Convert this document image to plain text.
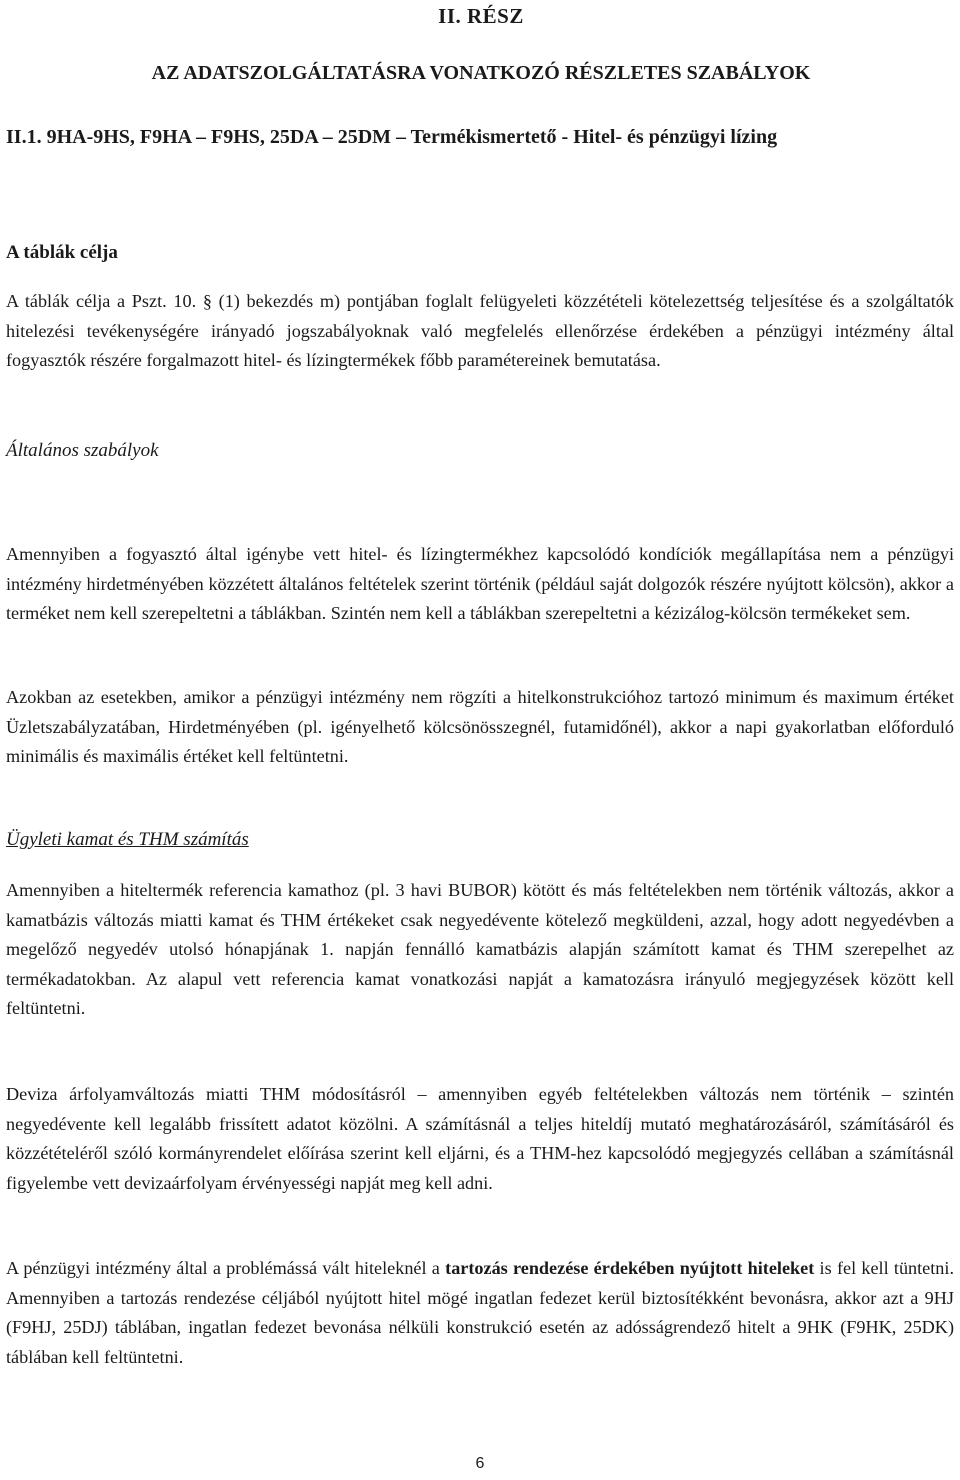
II. RÉSZ
AZ ADATSZOLGÁLTATÁSRA VONATKOZÓ RÉSZLETES SZABÁLYOK
II.1. 9HA-9HS, F9HA – F9HS, 25DA – 25DM – Termékismertető - Hitel- és pénzügyi lízing
A táblák célja

A táblák célja a Pszt. 10. § (1) bekezdés m) pontjában foglalt felügyeleti közzétételi kötelezettség teljesítése és a szolgáltatók hitelezési tevékenységére irányadó jogszabályoknak való megfelelés ellenőrzése érdekében a pénzügyi intézmény által fogyasztók részére forgalmazott hitel- és lízingtermékek főbb paramétereinek bemutatása.

Általános szabályok

Amennyiben a fogyasztó által igénybe vett hitel- és lízingtermékhez kapcsolódó kondíciók megállapítása nem a pénzügyi intézmény hirdetményében közzétett általános feltételek szerint történik (például saját dolgozók részére nyújtott kölcsön), akkor a terméket nem kell szerepeltetni a táblákban. Szintén nem kell a táblákban szerepeltetni a kézizálog-kölcsön termékeket sem.

Azokban az esetekben, amikor a pénzügyi intézmény nem rögzíti a hitelkonstrukcióhoz tartozó minimum és maximum értéket Üzletszabályzatában, Hirdetményében (pl. igényelhető kölcsönösszegnél, futamidőnél), akkor a napi gyakorlatban előforduló minimális és maximális értéket kell feltüntetni.

Ügyleti kamat és THM számítás

Amennyiben a hiteltermék referencia kamathoz (pl. 3 havi BUBOR) kötött és más feltételekben nem történik változás, akkor a kamatbázis változás miatti kamat és THM értékeket csak negyedévente kötelező megküldeni, azzal, hogy adott negyedévben a megelőző negyedév utolsó hónapjának 1. napján fennálló kamatbázis alapján számított kamat és THM szerepelhet az termékadatokban. Az alapul vett referencia kamat vonatkozási napját a kamatozásra irányuló megjegyzések között kell feltüntetni.

Deviza árfolyamváltozás miatti THM módosításról – amennyiben egyéb feltételekben változás nem történik – szintén negyedévente kell legalább frissített adatot közölni. A számításnál a teljes hiteldíj mutató meghatározásáról, számításáról és közzétételéről szóló kormányrendelet előírása szerint kell eljárni, és a THM-hez kapcsolódó megjegyzés cellában a számításnál figyelembe vett devizaárfolyam érvényességi napját meg kell adni.

A pénzügyi intézmény által a problémássá vált hiteleknél a tartozás rendezése érdekében nyújtott hiteleket is fel kell tüntetni. Amennyiben a tartozás rendezése céljából nyújtott hitel mögé ingatlan fedezet kerül biztosítékként bevonásra, akkor azt a 9HJ (F9HJ, 25DJ) táblában, ingatlan fedezet bevonása nélküli konstrukció esetén az adósságrendező hitelt a 9HK (F9HK, 25DK) táblában kell feltüntetni.

6
